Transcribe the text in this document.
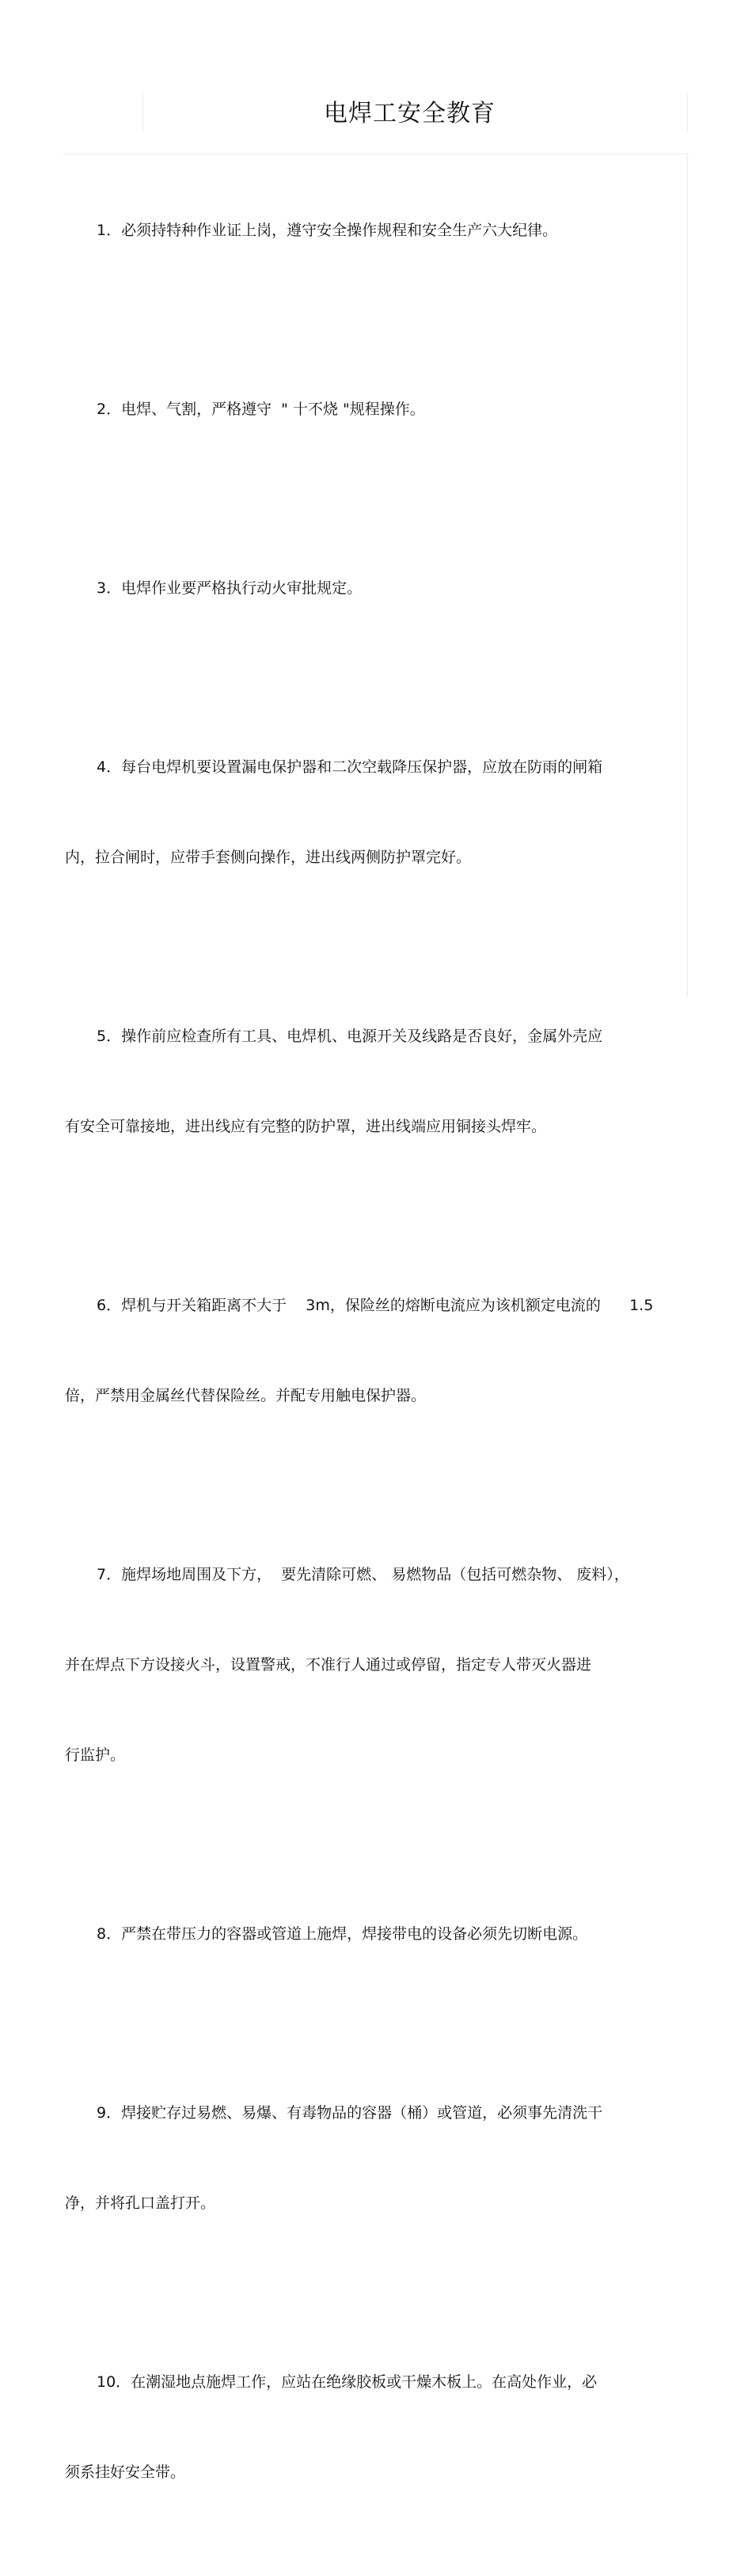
电焊工安全教育

1．必须持特种作业证上岗，遵守安全操作规程和安全生产六大纪律。

2．电焊、气割，严格遵守  " 十不烧 "规程操作。

3．电焊作业要严格执行动火审批规定。

4．每台电焊机要设置漏电保护器和二次空载降压保护器，应放在防雨的闸箱

内，拉合闸时，应带手套侧向操作，进出线两侧防护罩完好。

5．操作前应检查所有工具、电焊机、电源开关及线路是否良好，金属外壳应

有安全可靠接地，进出线应有完整的防护罩，进出线端应用铜接头焊牢。

6．焊机与开关箱距离不大于    3m，保险丝的熔断电流应为该机额定电流的      1.5

倍，严禁用金属丝代替保险丝。并配专用触电保护器。

7．施焊场地周围及下方，  要先清除可燃、 易燃物品（包括可燃杂物、 废料），

并在焊点下方设接火斗，设置警戒，不准行人通过或停留，指定专人带灭火器进

行监护。

8．严禁在带压力的容器或管道上施焊，焊接带电的设备必须先切断电源。

9．焊接贮存过易燃、易爆、有毒物品的容器（桶）或管道，必须事先清洗干

净，并将孔口盖打开。

10．在潮湿地点施焊工作，应站在绝缘胶板或干燥木板上。在高处作业，必

须系挂好安全带。
